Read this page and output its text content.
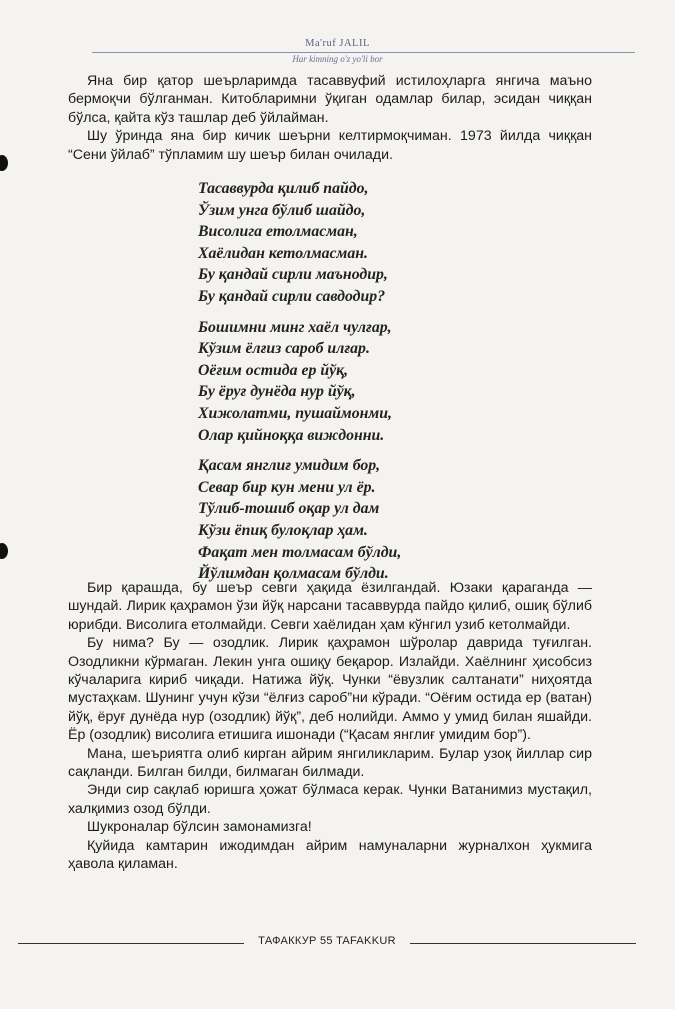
Ma'ruf JALIL
Har kimning o'z yo'li bor

Яна бир қатор шеърларимда тасаввуфий истилоҳларга янгича маъно бермоқчи бўлганман. Китобларимни ўқиган одамлар билар, эсидан чиққан бўлса, қайта кўз ташлар деб ўйлайман.

Шу ўринда яна бир кичик шеърни келтирмоқчиман. 1973 йилда чиққан “Сени ўйлаб” тўпламим шу шеър билан очилади.

Тасаввурда қилиб пайдо,
Ўзим унга бўлиб шайдо,
Висолига етолмасман,
Хаёлидан кетолмасман.
Бу қандай сирли маънодир,
Бу қандай сирли савдодир?
Бошимни минг хаёл чулғар,
Кўзим ёлғиз сароб илғар.
Оёғим остида ер йўқ,
Бу ёруғ дунёда нур йўқ,
Хижолатми, пушаймонми,
Олар қийноққа виждонни.
Қасам янглиғ умидим бор,
Севар бир кун мени ул ёр.
Тўлиб-тошиб оқар ул дам
Кўзи ёпиқ булоқлар ҳам.
Фақат мен толмасам бўлди,
Йўлимдан қолмасам бўлди.

Бир қарашда, бу шеър севги ҳақида ёзилгандай. Юзаки қараганда — шундай. Лирик қаҳрамон ўзи йўқ нарсани тасаввурда пайдо қилиб, ошиқ бўлиб юрибди. Висолига етолмайди. Севги хаёлидан ҳам кўнгил узиб кетолмайди.

Бу нима? Бу — озодлик. Лирик қаҳрамон шўролар даврида туғилган. Озодликни кўрмаган. Лекин унга ошиқу беқарор. Излайди. Хаёлнинг ҳисобсиз кўчаларига кириб чиқади. Натижа йўқ. Чунки “ёвузлик салтанати” ниҳоятда мустаҳкам. Шунинг учун кўзи “ёлғиз сароб”ни кўради. “Оёғим остида ер (ватан) йўқ, ёруғ дунёда нур (озодлик) йўқ”, деб нолийди. Аммо у умид билан яшайди. Ёр (озодлик) висолига етишига ишонади (“Қасам янглиғ умидим бор”).

Мана, шеъриятга олиб кирган айрим янгиликларим. Булар узоқ йиллар сир сақланди. Билган билди, билмаган билмади.

Энди сир сақлаб юришга ҳожат бўлмаса керак. Чунки Ватанимиз мустақил, халқимиз озод бўлди.

Шукроналар бўлсин замонамизга!

Қуйида камтарин ижодимдан айрим намуналарни журналхон ҳукмига ҳавола қиламан.

ТАФАККУР 55 TAFAKKUR
